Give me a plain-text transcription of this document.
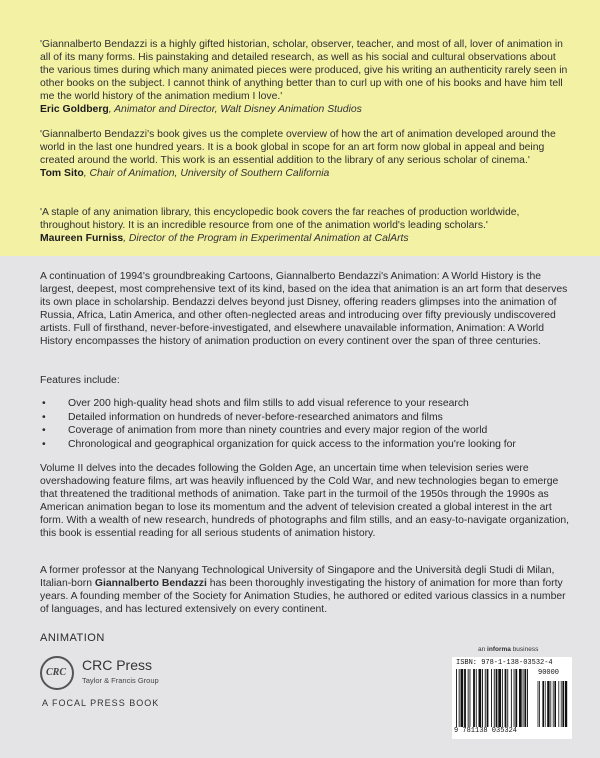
'Giannalberto Bendazzi is a highly gifted historian, scholar, observer, teacher, and most of all, lover of animation in all of its many forms. His painstaking and detailed research, as well as his social and cultural observations about the various times during which many animated pieces were produced, give his writing an authenticity rarely seen in other books on the subject. I cannot think of anything better than to curl up with one of his books and have him tell me the world history of the animation medium I love.'

Eric Goldberg, Animator and Director, Walt Disney Animation Studios

'Giannalberto Bendazzi's book gives us the complete overview of how the art of animation developed around the world in the last one hundred years. It is a book global in scope for an art form now global in appeal and being created around the world. This work is an essential addition to the library of any serious scholar of cinema.'

Tom Sito, Chair of Animation, University of Southern California

'A staple of any animation library, this encyclopedic book covers the far reaches of production worldwide, throughout history. It is an incredible resource from one of the animation world's leading scholars.'

Maureen Furniss, Director of the Program in Experimental Animation at CalArts

A continuation of 1994's groundbreaking Cartoons, Giannalberto Bendazzi's Animation: A World History is the largest, deepest, most comprehensive text of its kind, based on the idea that animation is an art form that deserves its own place in scholarship. Bendazzi delves beyond just Disney, offering readers glimpses into the animation of Russia, Africa, Latin America, and other often-neglected areas and introducing over fifty previously undiscovered artists. Full of firsthand, never-before-investigated, and elsewhere unavailable information, Animation: A World History encompasses the history of animation production on every continent over the span of three centuries.

Features include:

• Over 200 high-quality head shots and film stills to add visual reference to your research
• Detailed information on hundreds of never-before-researched animators and films
• Coverage of animation from more than ninety countries and every major region of the world
• Chronological and geographical organization for quick access to the information you're looking for

Volume II delves into the decades following the Golden Age, an uncertain time when television series were overshadowing feature films, art was heavily influenced by the Cold War, and new technologies began to emerge that threatened the traditional methods of animation. Take part in the turmoil of the 1950s through the 1990s as American animation began to lose its momentum and the advent of television created a global interest in the art form. With a wealth of new research, hundreds of photographs and film stills, and an easy-to-navigate organization, this book is essential reading for all serious students of animation history.

A former professor at the Nanyang Technological University of Singapore and the Università degli Studi di Milan, Italian-born Giannalberto Bendazzi has been thoroughly investigating the history of animation for more than forty years. A founding member of the Society for Animation Studies, he authored or edited various classics in a number of languages, and has lectured extensively on every continent.

ANIMATION
CRC CRC Press
Taylor & Francis Group
A FOCAL PRESS BOOK
an informa business
ISBN: 978-1-138-03532-4
90000
9 781138 035324
